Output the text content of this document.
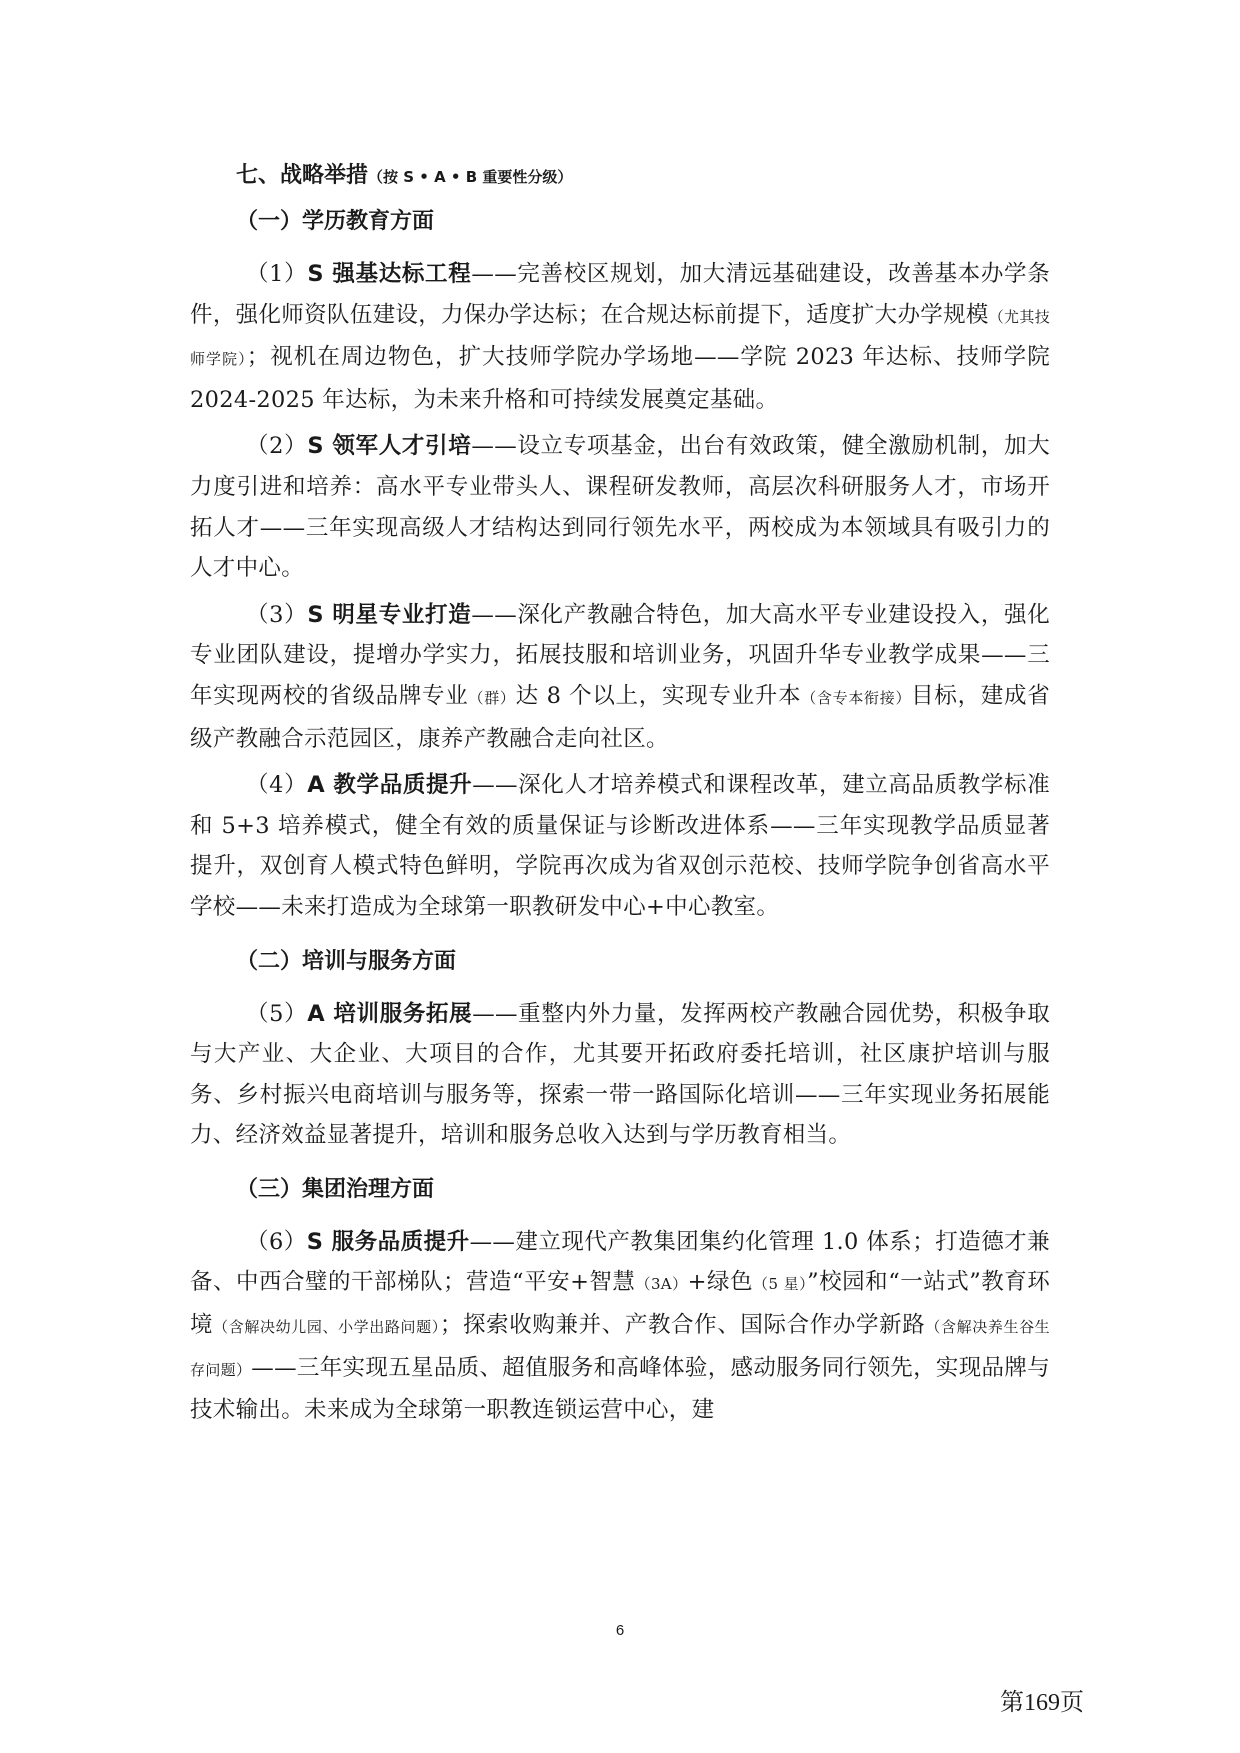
七、战略举措（按 S • A • B 重要性分级）
（一）学历教育方面

（1）S 强基达标工程——完善校区规划，加大清远基础建设，改善基本办学条件，强化师资队伍建设，力保办学达标；在合规达标前提下，适度扩大办学规模（尤其技师学院）；视机在周边物色，扩大技师学院办学场地——学院 2023 年达标、技师学院 2024-2025 年达标，为未来升格和可持续发展奠定基础。

（2）S 领军人才引培——设立专项基金，出台有效政策，健全激励机制，加大力度引进和培养：高水平专业带头人、课程研发教师，高层次科研服务人才，市场开拓人才——三年实现高级人才结构达到同行领先水平，两校成为本领域具有吸引力的人才中心。

（3）S 明星专业打造——深化产教融合特色，加大高水平专业建设投入，强化专业团队建设，提增办学实力，拓展技服和培训业务，巩固升华专业教学成果——三年实现两校的省级品牌专业（群）达 8 个以上，实现专业升本（含专本衔接）目标，建成省级产教融合示范园区，康养产教融合走向社区。

（4）A 教学品质提升——深化人才培养模式和课程改革，建立高品质教学标准和 5+3 培养模式，健全有效的质量保证与诊断改进体系——三年实现教学品质显著提升，双创育人模式特色鲜明，学院再次成为省双创示范校、技师学院争创省高水平学校——未来打造成为全球第一职教研发中心+中心教室。

（二）培训与服务方面

（5）A 培训服务拓展——重整内外力量，发挥两校产教融合园优势，积极争取与大产业、大企业、大项目的合作，尤其要开拓政府委托培训，社区康护培训与服务、乡村振兴电商培训与服务等，探索一带一路国际化培训——三年实现业务拓展能力、经济效益显著提升，培训和服务总收入达到与学历教育相当。

（三）集团治理方面

（6）S 服务品质提升——建立现代产教集团集约化管理 1.0 体系；打造德才兼备、中西合璧的干部梯队；营造“平安+智慧（3A）+绿色（5 星）”校园和“一站式”教育环境（含解决幼儿园、小学出路问题）；探索收购兼并、产教合作、国际合作办学新路（含解决养生谷生存问题）——三年实现五星品质、超值服务和高峰体验，感动服务同行领先，实现品牌与技术输出。未来成为全球第一职教连锁运营中心，建

6
第169页
